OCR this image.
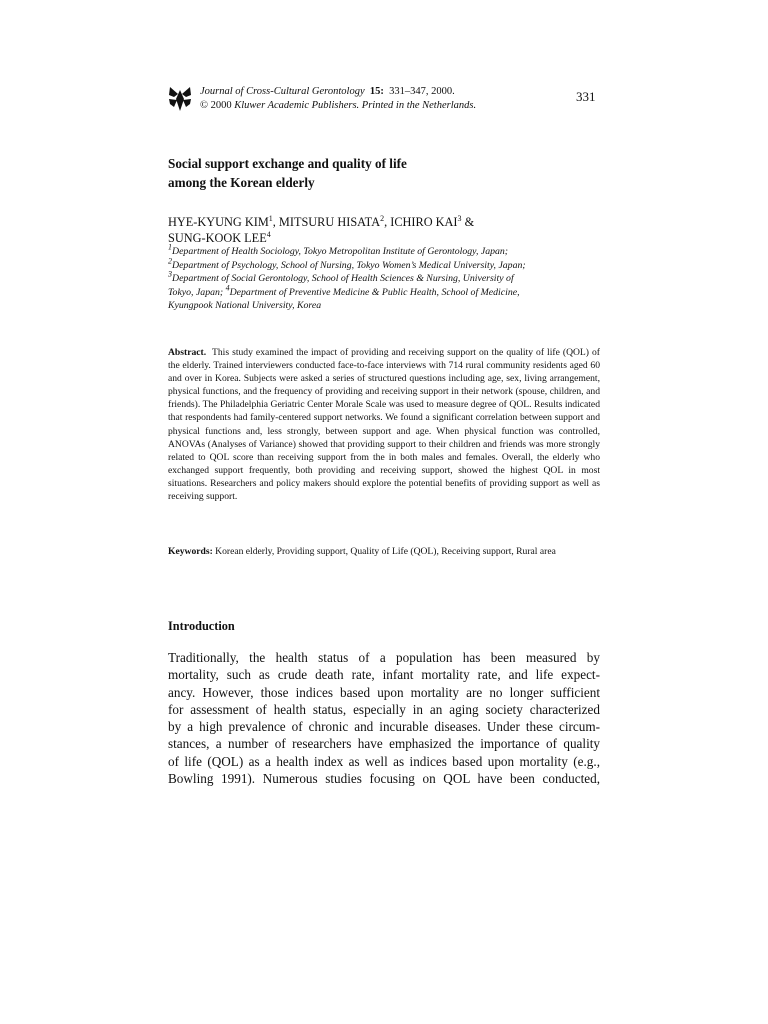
Journal of Cross-Cultural Gerontology 15: 331–347, 2000.
© 2000 Kluwer Academic Publishers. Printed in the Netherlands.
331
Social support exchange and quality of life
among the Korean elderly
HYE-KYUNG KIM$^1$, MITSURU HISATA$^2$, ICHIRO KAI$^3$ &
SUNG-KOOK LEE$^4$
$^1$Department of Health Sociology, Tokyo Metropolitan Institute of Gerontology, Japan;
$^2$Department of Psychology, School of Nursing, Tokyo Women’s Medical University, Japan;
$^3$Department of Social Gerontology, School of Health Sciences & Nursing, University of
Tokyo, Japan; $^4$Department of Preventive Medicine & Public Health, School of Medicine,
Kyungpook National University, Korea
Abstract. This study examined the impact of providing and receiving support on the quality of life (QOL) of the elderly. Trained interviewers conducted face-to-face interviews with 714 rural community residents aged 60 and over in Korea. Subjects were asked a series of structured questions including age, sex, living arrangement, physical functions, and the frequency of providing and receiving support in their network (spouse, children, and friends). The Philadelphia Geriatric Center Morale Scale was used to measure degree of QOL. Results indicated that respondents had family-centered support networks. We found a significant correlation between support and physical functions and, less strongly, between support and age. When physical function was controlled, ANOVAs (Analyses of Variance) showed that providing support to their children and friends was more strongly related to QOL score than receiving support from the in both males and females. Overall, the elderly who exchanged support frequently, both providing and receiving support, showed the highest QOL in most situations. Researchers and policy makers should explore the potential benefits of providing support as well as receiving support.
Keywords: Korean elderly, Providing support, Quality of Life (QOL), Receiving support, Rural area
Introduction
Traditionally, the health status of a population has been measured by
mortality, such as crude death rate, infant mortality rate, and life expect-
ancy. However, those indices based upon mortality are no longer sufficient
for assessment of health status, especially in an aging society characterized
by a high prevalence of chronic and incurable diseases. Under these circum-
stances, a number of researchers have emphasized the importance of quality
of life (QOL) as a health index as well as indices based upon mortality (e.g.,
Bowling 1991). Numerous studies focusing on QOL have been conducted,
